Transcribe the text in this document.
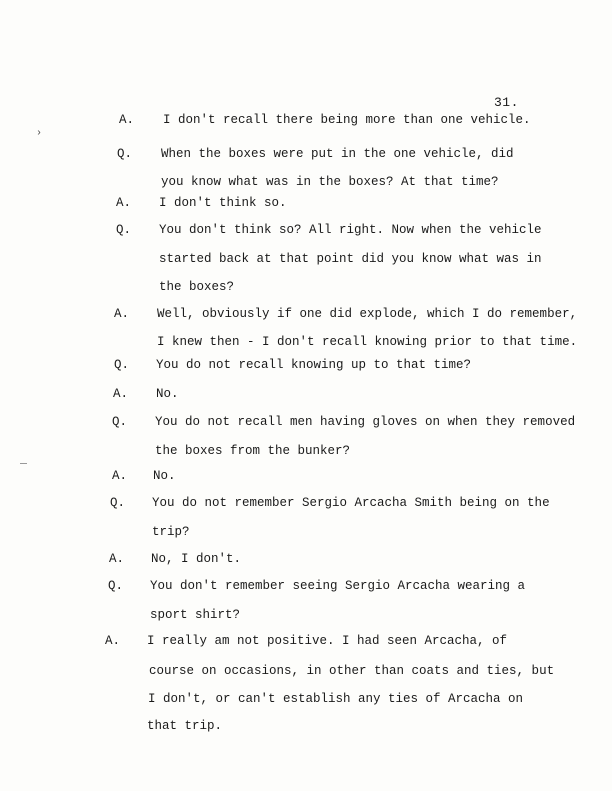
31.
›
A. I don't recall there being more than one vehicle.
Q. When the boxes were put in the one vehicle, did
you know what was in the boxes? At that time?
A. I don't think so.
Q. You don't think so? All right. Now when the vehicle
started back at that point did you know what was in
the boxes?
A. Well, obviously if one did explode, which I do remember,
I knew then - I don't recall knowing prior to that time.
Q. You do not recall knowing up to that time?
A. No.
Q. You do not recall men having gloves on when they removed
the boxes from the bunker?
A. No.
Q. You do not remember Sergio Arcacha Smith being on the
trip?
A. No, I don't.
Q. You don't remember seeing Sergio Arcacha wearing a
sport shirt?
A. I really am not positive. I had seen Arcacha, of
course on occasions, in other than coats and ties, but
I don't, or can't establish any ties of Arcacha on
that trip.
